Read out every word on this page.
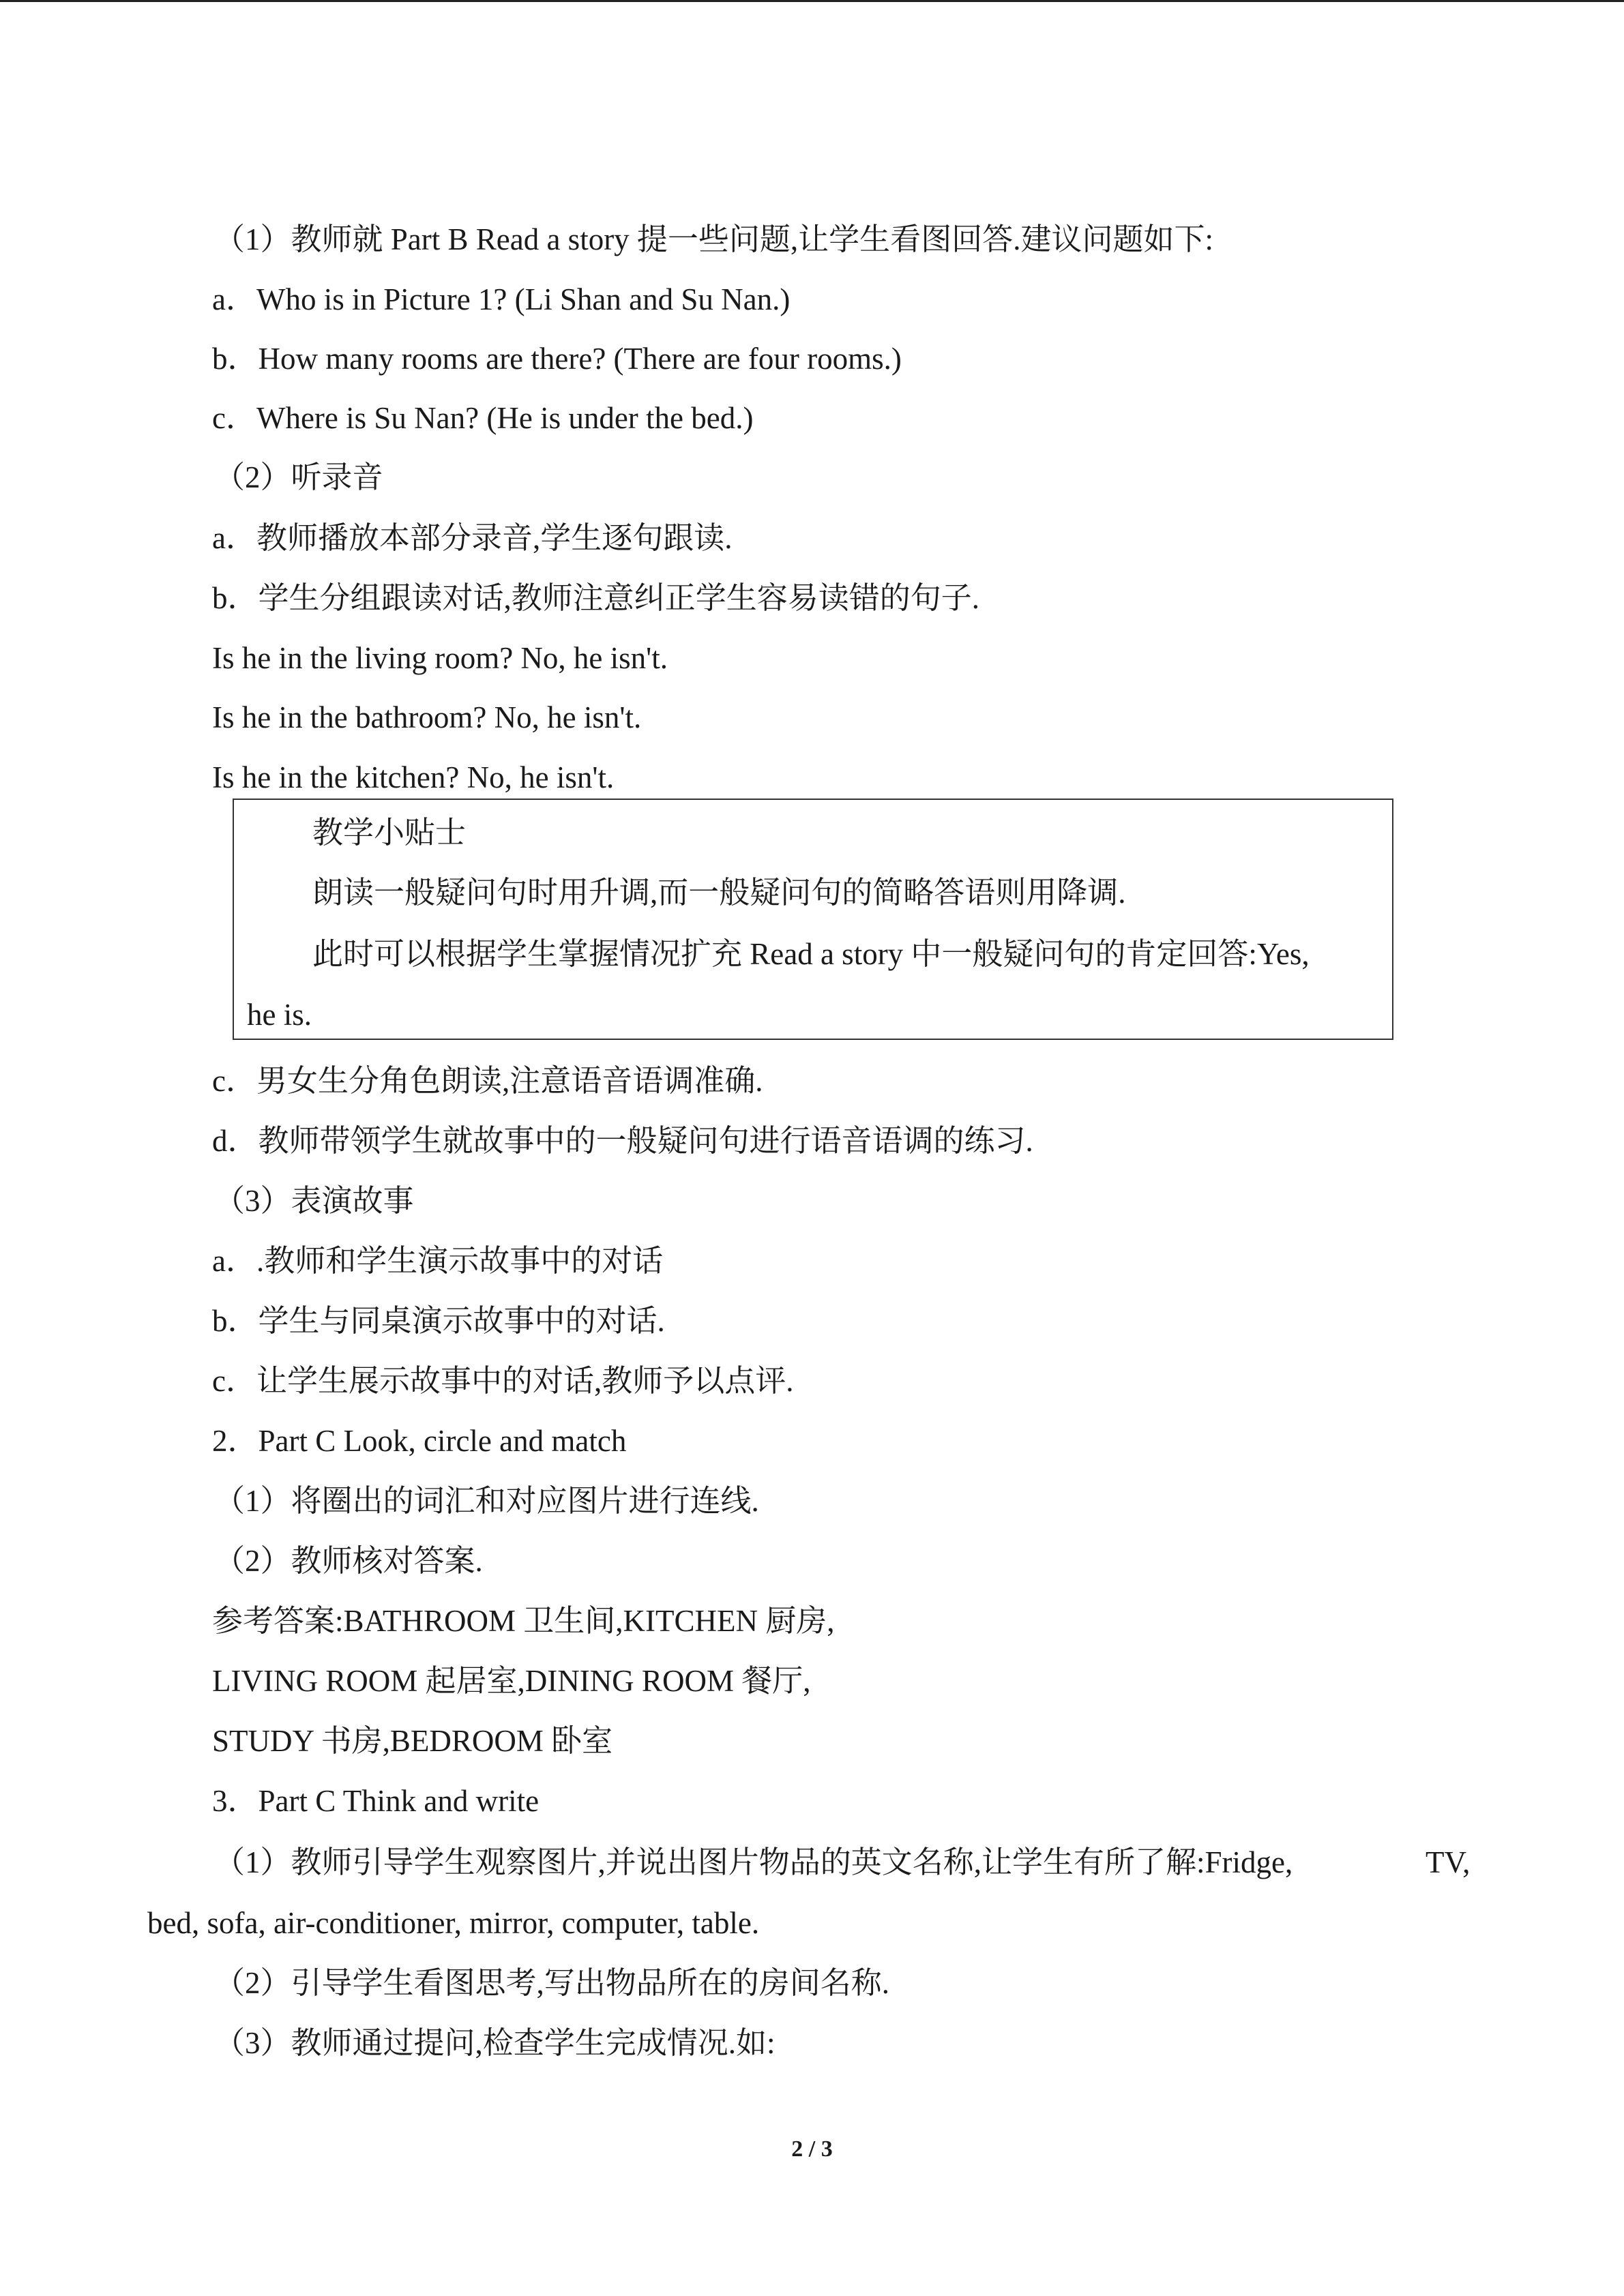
（1）教师就 Part B Read a story 提一些问题,让学生看图回答.建议问题如下:

a．Who is in Picture 1? (Li Shan and Su Nan.)

b．How many rooms are there? (There are four rooms.)

c．Where is Su Nan? (He is under the bed.)

（2）听录音

a．教师播放本部分录音,学生逐句跟读.

b．学生分组跟读对话,教师注意纠正学生容易读错的句子.

Is he in the living room? No, he isn't.

Is he in the bathroom? No, he isn't.

Is he in the kitchen? No, he isn't.

教学小贴士

朗读一般疑问句时用升调,而一般疑问句的简略答语则用降调.

此时可以根据学生掌握情况扩充 Read a story 中一般疑问句的肯定回答:Yes,

he is.

c．男女生分角色朗读,注意语音语调准确.

d．教师带领学生就故事中的一般疑问句进行语音语调的练习.

（3）表演故事

a．.教师和学生演示故事中的对话

b．学生与同桌演示故事中的对话.

c．让学生展示故事中的对话,教师予以点评.

2．Part C Look, circle and match

（1）将圈出的词汇和对应图片进行连线.

（2）教师核对答案.

参考答案:BATHROOM 卫生间,KITCHEN 厨房,

LIVING ROOM 起居室,DINING ROOM 餐厅,

STUDY 书房,BEDROOM 卧室

3．Part C Think and write

（1）教师引导学生观察图片,并说出图片物品的英文名称,让学生有所了解:Fridge,	TV,

bed, sofa, air-conditioner, mirror, computer, table.

（2）引导学生看图思考,写出物品所在的房间名称.

（3）教师通过提问,检查学生完成情况.如:

2 / 3
